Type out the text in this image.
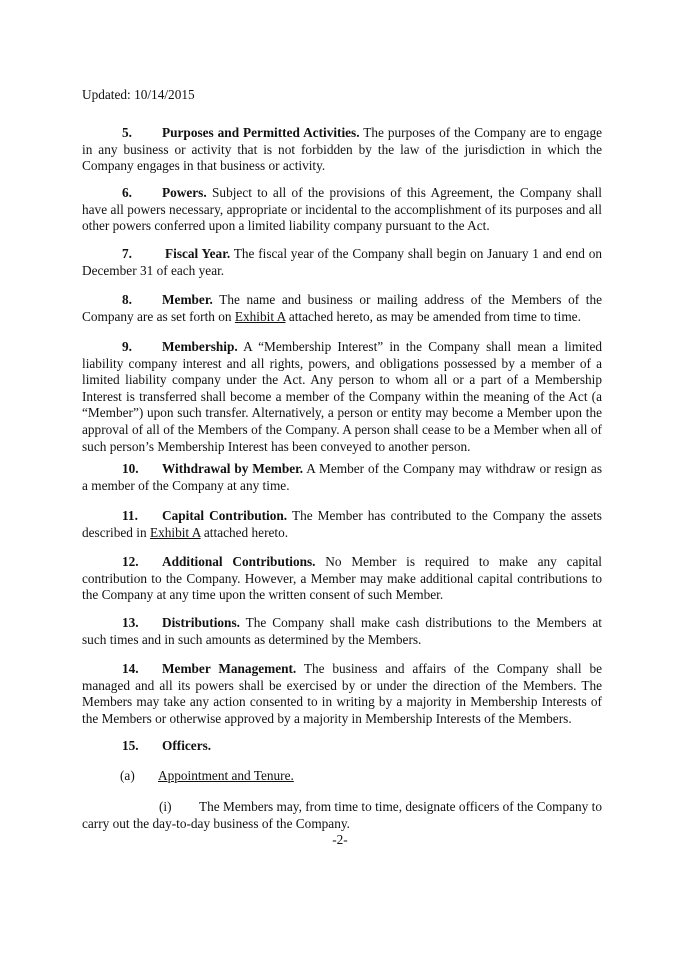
Updated: 10/14/2015
5. Purposes and Permitted Activities. The purposes of the Company are to engage in any business or activity that is not forbidden by the law of the jurisdiction in which the Company engages in that business or activity.
6. Powers. Subject to all of the provisions of this Agreement, the Company shall have all powers necessary, appropriate or incidental to the accomplishment of its purposes and all other powers conferred upon a limited liability company pursuant to the Act.
7. Fiscal Year. The fiscal year of the Company shall begin on January 1 and end on December 31 of each year.
8. Member. The name and business or mailing address of the Members of the Company are as set forth on Exhibit A attached hereto, as may be amended from time to time.
9. Membership. A “Membership Interest” in the Company shall mean a limited liability company interest and all rights, powers, and obligations possessed by a member of a limited liability company under the Act. Any person to whom all or a part of a Membership Interest is transferred shall become a member of the Company within the meaning of the Act (a “Member”) upon such transfer. Alternatively, a person or entity may become a Member upon the approval of all of the Members of the Company. A person shall cease to be a Member when all of such person’s Membership Interest has been conveyed to another person.
10. Withdrawal by Member. A Member of the Company may withdraw or resign as a member of the Company at any time.
11. Capital Contribution. The Member has contributed to the Company the assets described in Exhibit A attached hereto.
12. Additional Contributions. No Member is required to make any capital contribution to the Company. However, a Member may make additional capital contributions to the Company at any time upon the written consent of such Member.
13. Distributions. The Company shall make cash distributions to the Members at such times and in such amounts as determined by the Members.
14. Member Management. The business and affairs of the Company shall be managed and all its powers shall be exercised by or under the direction of the Members. The Members may take any action consented to in writing by a majority in Membership Interests of the Members or otherwise approved by a majority in Membership Interests of the Members.
15. Officers.
(a) Appointment and Tenure.
(i) The Members may, from time to time, designate officers of the Company to carry out the day-to-day business of the Company.
-2-
